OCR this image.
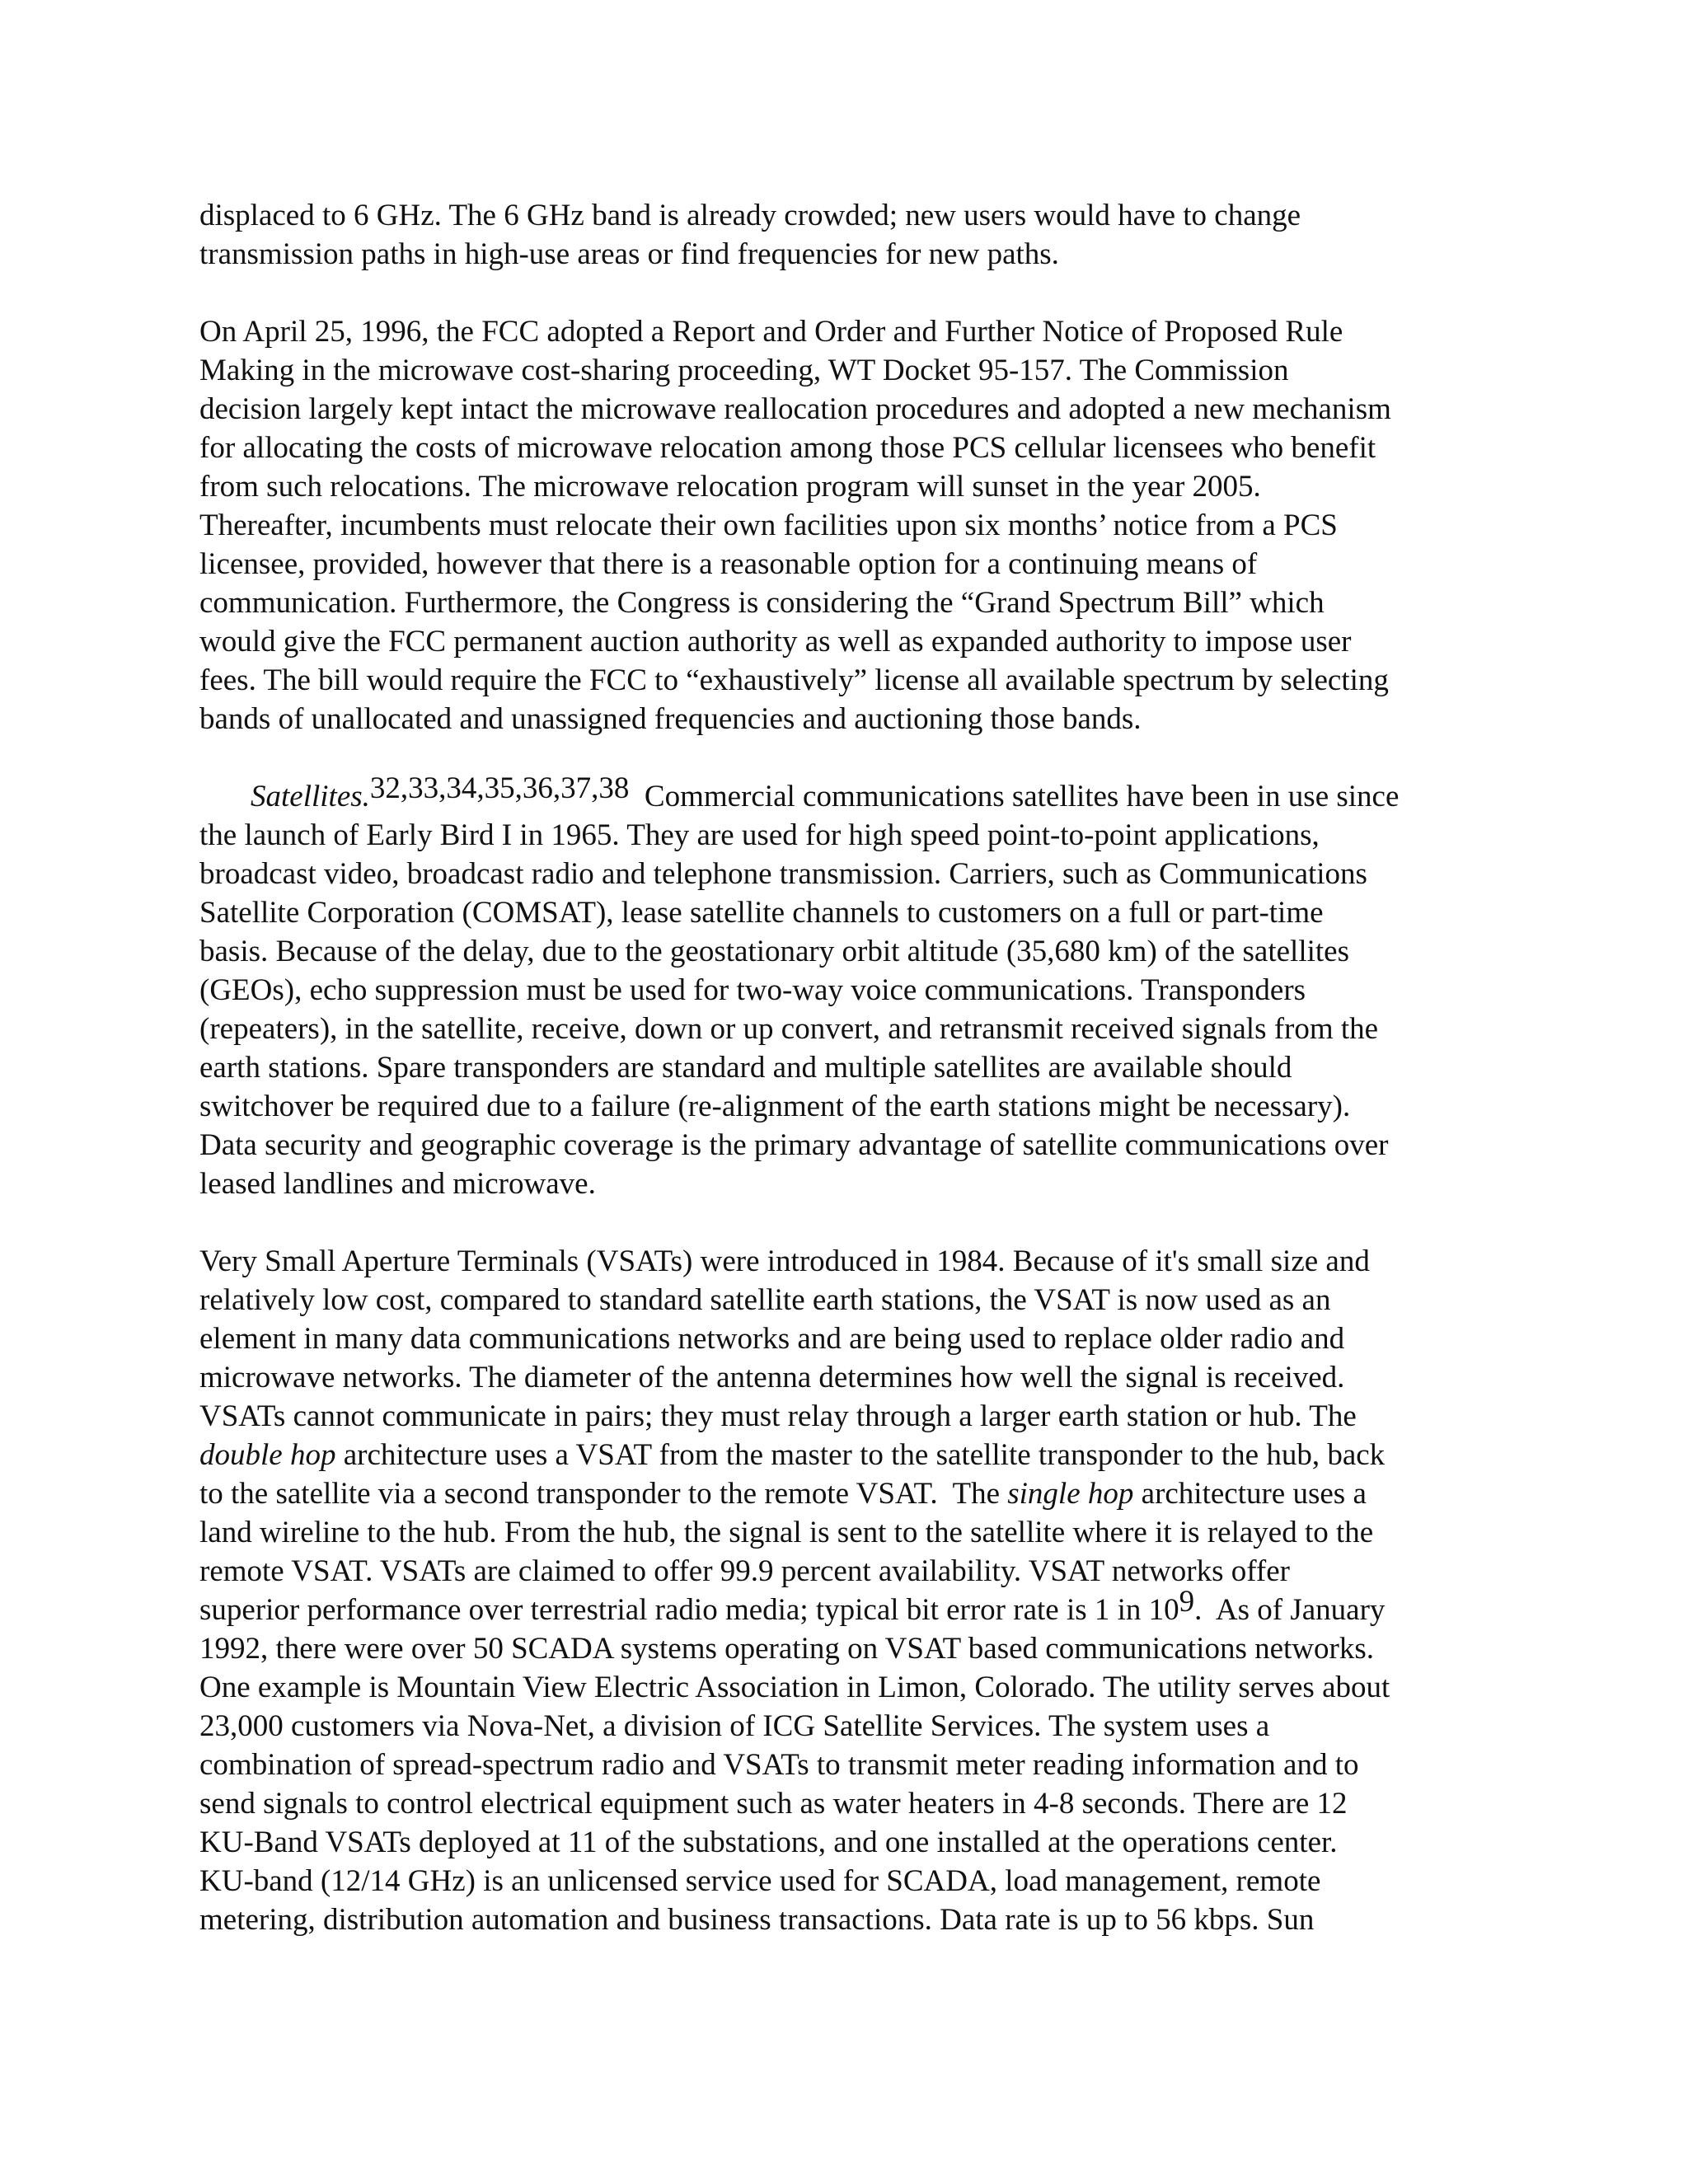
displaced to 6 GHz. The 6 GHz band is already crowded; new users would have to change
transmission paths in high-use areas or find frequencies for new paths.
On April 25, 1996, the FCC adopted a Report and Order and Further Notice of Proposed Rule
Making in the microwave cost-sharing proceeding, WT Docket 95-157. The Commission
decision largely kept intact the microwave reallocation procedures and adopted a new mechanism
for allocating the costs of microwave relocation among those PCS cellular licensees who benefit
from such relocations. The microwave relocation program will sunset in the year 2005.
Thereafter, incumbents must relocate their own facilities upon six months’ notice from a PCS
licensee, provided, however that there is a reasonable option for a continuing means of
communication. Furthermore, the Congress is considering the “Grand Spectrum Bill” which
would give the FCC permanent auction authority as well as expanded authority to impose user
fees. The bill would require the FCC to “exhaustively” license all available spectrum by selecting
bands of unallocated and unassigned frequencies and auctioning those bands.
Satellites.32,33,34,35,36,37,38  Commercial communications satellites have been in use since
the launch of Early Bird I in 1965. They are used for high speed point-to-point applications,
broadcast video, broadcast radio and telephone transmission. Carriers, such as Communications
Satellite Corporation (COMSAT), lease satellite channels to customers on a full or part-time
basis. Because of the delay, due to the geostationary orbit altitude (35,680 km) of the satellites
(GEOs), echo suppression must be used for two-way voice communications. Transponders
(repeaters), in the satellite, receive, down or up convert, and retransmit received signals from the
earth stations. Spare transponders are standard and multiple satellites are available should
switchover be required due to a failure (re-alignment of the earth stations might be necessary).
Data security and geographic coverage is the primary advantage of satellite communications over
leased landlines and microwave.
Very Small Aperture Terminals (VSATs) were introduced in 1984. Because of it's small size and
relatively low cost, compared to standard satellite earth stations, the VSAT is now used as an
element in many data communications networks and are being used to replace older radio and
microwave networks. The diameter of the antenna determines how well the signal is received.
VSATs cannot communicate in pairs; they must relay through a larger earth station or hub. The
double hop architecture uses a VSAT from the master to the satellite transponder to the hub, back
to the satellite via a second transponder to the remote VSAT.  The single hop architecture uses a
land wireline to the hub. From the hub, the signal is sent to the satellite where it is relayed to the
remote VSAT. VSATs are claimed to offer 99.9 percent availability. VSAT networks offer
superior performance over terrestrial radio media; typical bit error rate is 1 in 109.  As of January
1992, there were over 50 SCADA systems operating on VSAT based communications networks.
One example is Mountain View Electric Association in Limon, Colorado. The utility serves about
23,000 customers via Nova-Net, a division of ICG Satellite Services. The system uses a
combination of spread-spectrum radio and VSATs to transmit meter reading information and to
send signals to control electrical equipment such as water heaters in 4-8 seconds. There are 12
KU-Band VSATs deployed at 11 of the substations, and one installed at the operations center.
KU-band (12/14 GHz) is an unlicensed service used for SCADA, load management, remote
metering, distribution automation and business transactions. Data rate is up to 56 kbps. Sun
